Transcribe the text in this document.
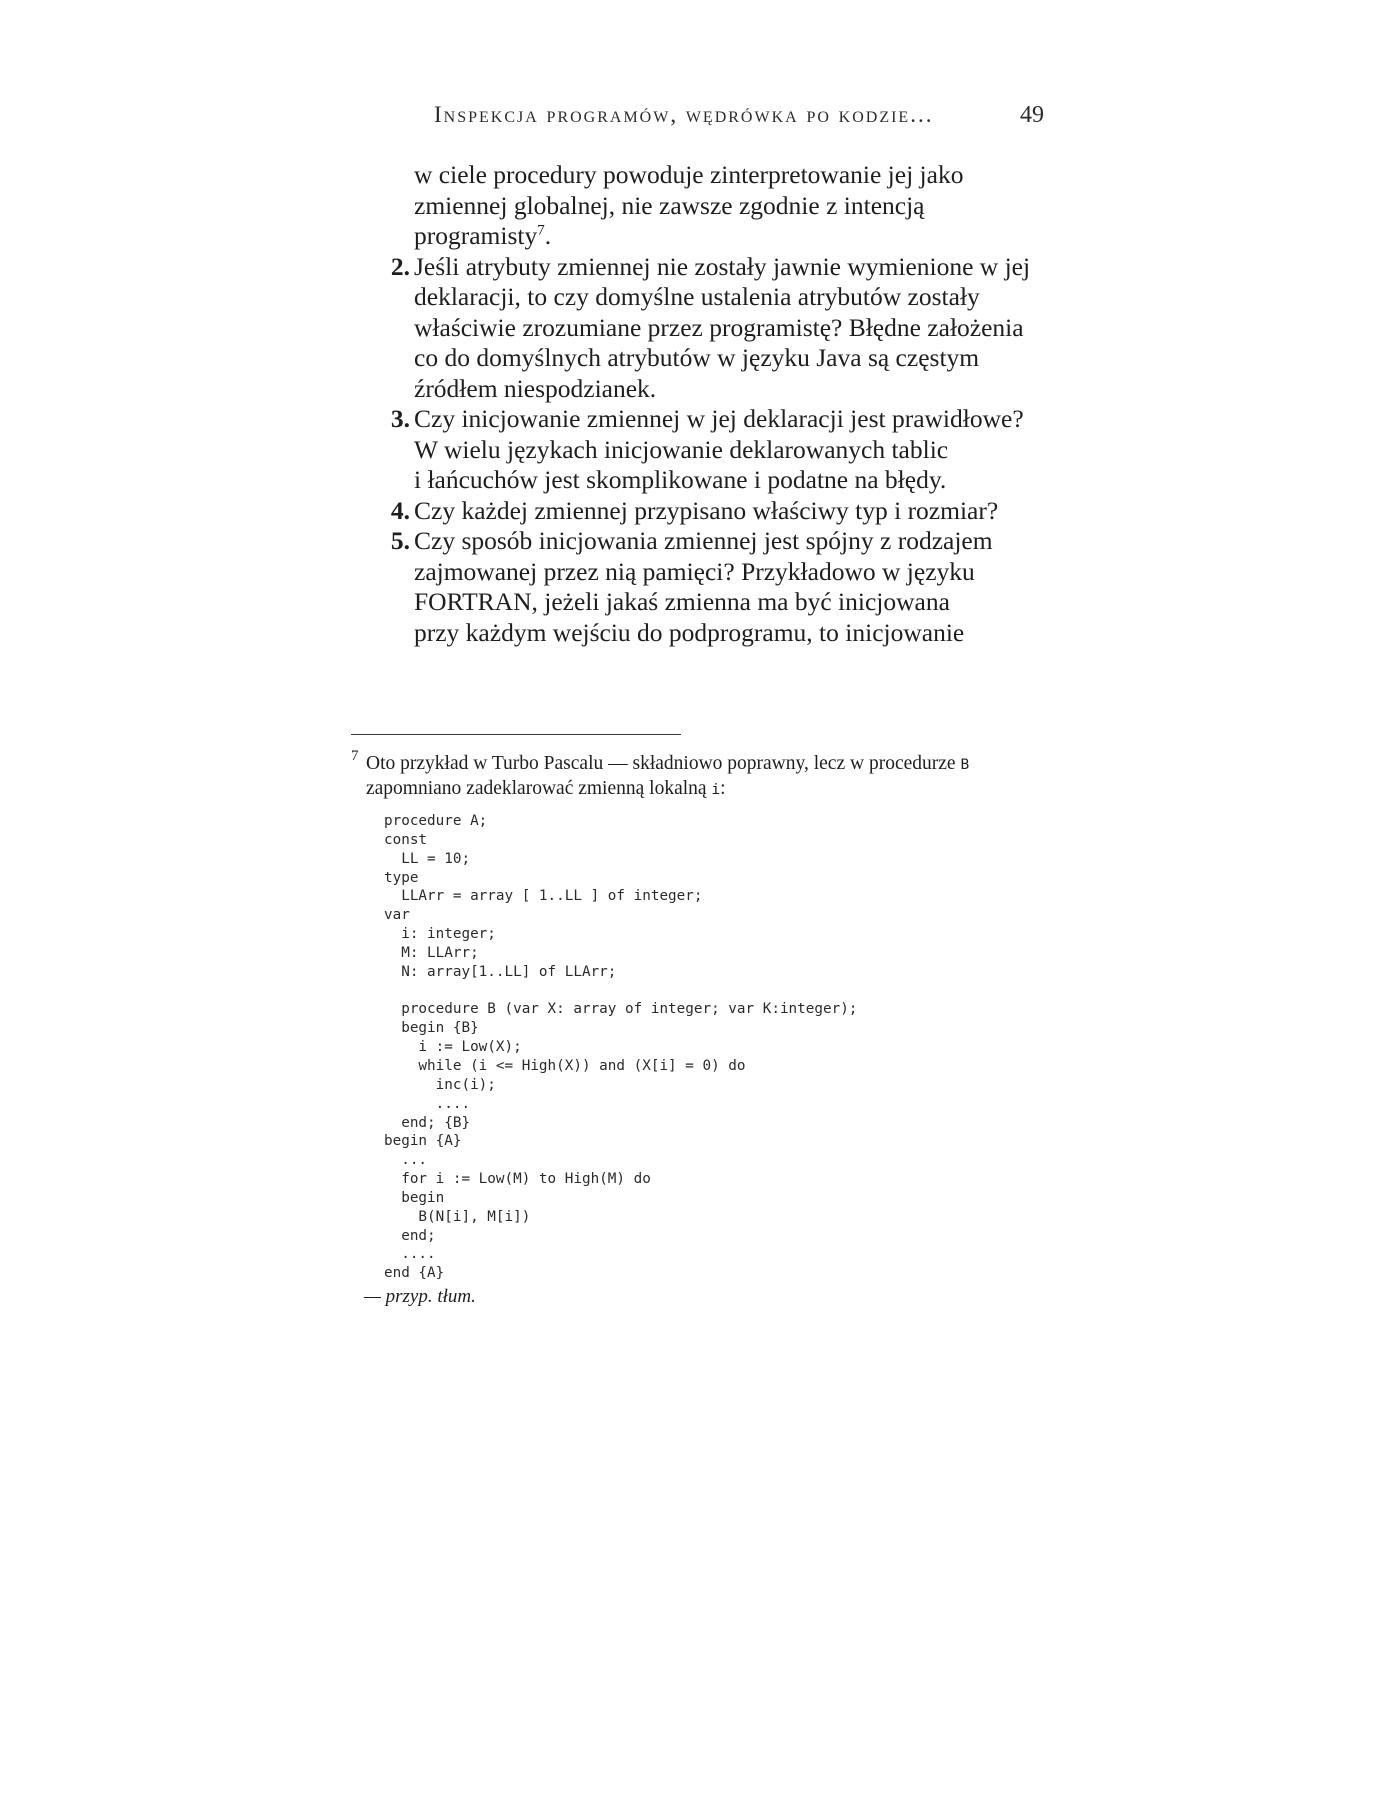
Inspekcja programów, wędrówka po kodzie...	49
w ciele procedury powoduje zinterpretowanie jej jako
zmiennej globalnej, nie zawsze zgodnie z intencją
programisty$^7$.
2. Jeśli atrybuty zmiennej nie zostały jawnie wymienione w jej
deklaracji, to czy domyślne ustalenia atrybutów zostały
właściwie zrozumiane przez programistę? Błędne założenia
co do domyślnych atrybutów w języku Java są częstym
źródłem niespodzianek.
3. Czy inicjowanie zmiennej w jej deklaracji jest prawidłowe?
W wielu językach inicjowanie deklarowanych tablic
i łańcuchów jest skomplikowane i podatne na błędy.
4. Czy każdej zmiennej przypisano właściwy typ i rozmiar?
5. Czy sposób inicjowania zmiennej jest spójny z rodzajem
zajmowanej przez nią pamięci? Przykładowo w języku
FORTRAN, jeżeli jakaś zmienna ma być inicjowana
przy każdym wejściu do podprogramu, to inicjowanie
7 Oto przykład w Turbo Pascalu — składniowo poprawny, lecz w procedurze B
zapomniano zadeklarować zmienną lokalną i:
procedure A;
const
LL = 10;
type
LLArr = array [ 1..LL ] of integer;
var
i: integer;
M: LLArr;
N: array[1..LL] of LLArr;

procedure B (var X: array of integer; var K:integer);
begin {B}
i := Low(X);
while (i <= High(X)) and (X[i] = 0) do
inc(i);
....
end; {B}
begin {A}
...
for i := Low(M) to High(M) do
begin
B(N[i], M[i])
end;
....
end {A}
— przyp. tłum.
